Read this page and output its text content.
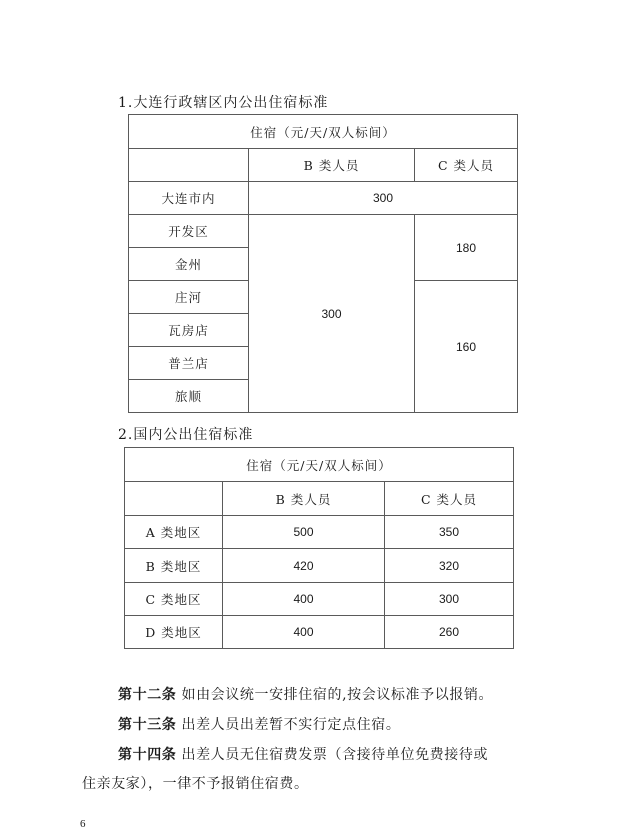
1.大连行政辖区内公出住宿标准
住宿（元/天/双人标间）		
	B 类人员	C 类人员
大连市内	300	
开发区	300	180
金州		
庄河		160
瓦房店		
普兰店		
旅顺		
2.国内公出住宿标准
住宿（元/天/双人标间）		
	B 类人员	C 类人员
A 类地区	500	350
B 类地区	420	320
C 类地区	400	300
D 类地区	400	260
第十二条 如由会议统一安排住宿的,按会议标准予以报销。
第十三条 出差人员出差暂不实行定点住宿。
第十四条 出差人员无住宿费发票（含接待单位免费接待或
住亲友家），一律不予报销住宿费。
6
